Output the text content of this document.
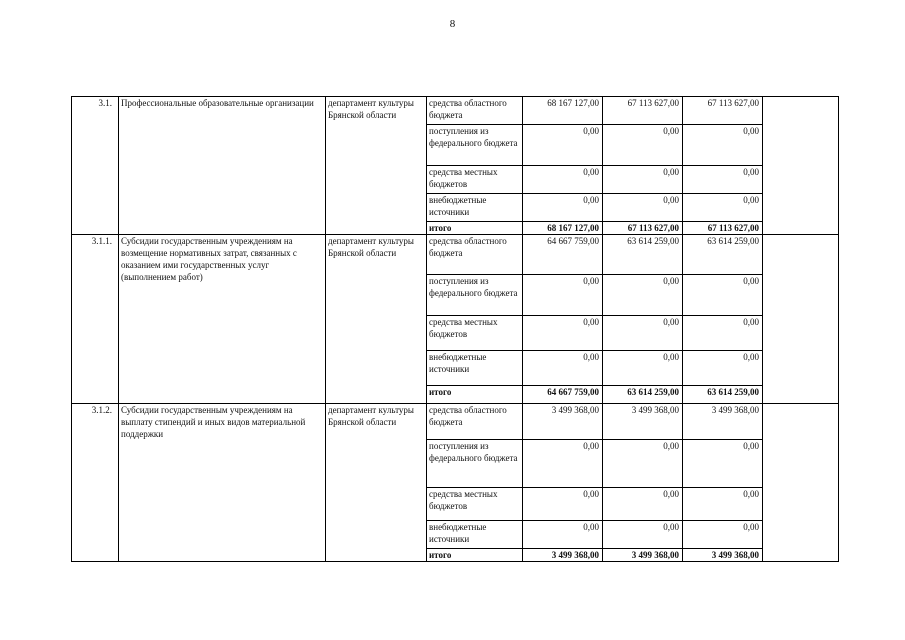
8
3.1.	Профессиональные образовательные организации	департамент культуры Брянской области	средства областного бюджета	68 167 127,00	67 113 627,00	67 113 627,00	
			поступления из федерального бюджета	0,00	0,00	0,00	
			средства местных бюджетов	0,00	0,00	0,00	
			внебюджетные источники	0,00	0,00	0,00	
			итого	68 167 127,00	67 113 627,00	67 113 627,00	
3.1.1.	Субсидии государственным учреждениям на возмещение нормативных затрат, связанных с оказанием ими государственных услуг (выполнением работ)	департамент культуры Брянской области	средства областного бюджета	64 667 759,00	63 614 259,00	63 614 259,00	
			поступления из федерального бюджета	0,00	0,00	0,00	
			средства местных бюджетов	0,00	0,00	0,00	
			внебюджетные источники	0,00	0,00	0,00	
			итого	64 667 759,00	63 614 259,00	63 614 259,00	
3.1.2.	Субсидии государственным учреждениям на выплату стипендий и иных видов материальной поддержки	департамент культуры Брянской области	средства областного бюджета	3 499 368,00	3 499 368,00	3 499 368,00	
			поступления из федерального бюджета	0,00	0,00	0,00	
			средства местных бюджетов	0,00	0,00	0,00	
			внебюджетные источники	0,00	0,00	0,00	
			итого	3 499 368,00	3 499 368,00	3 499 368,00	
